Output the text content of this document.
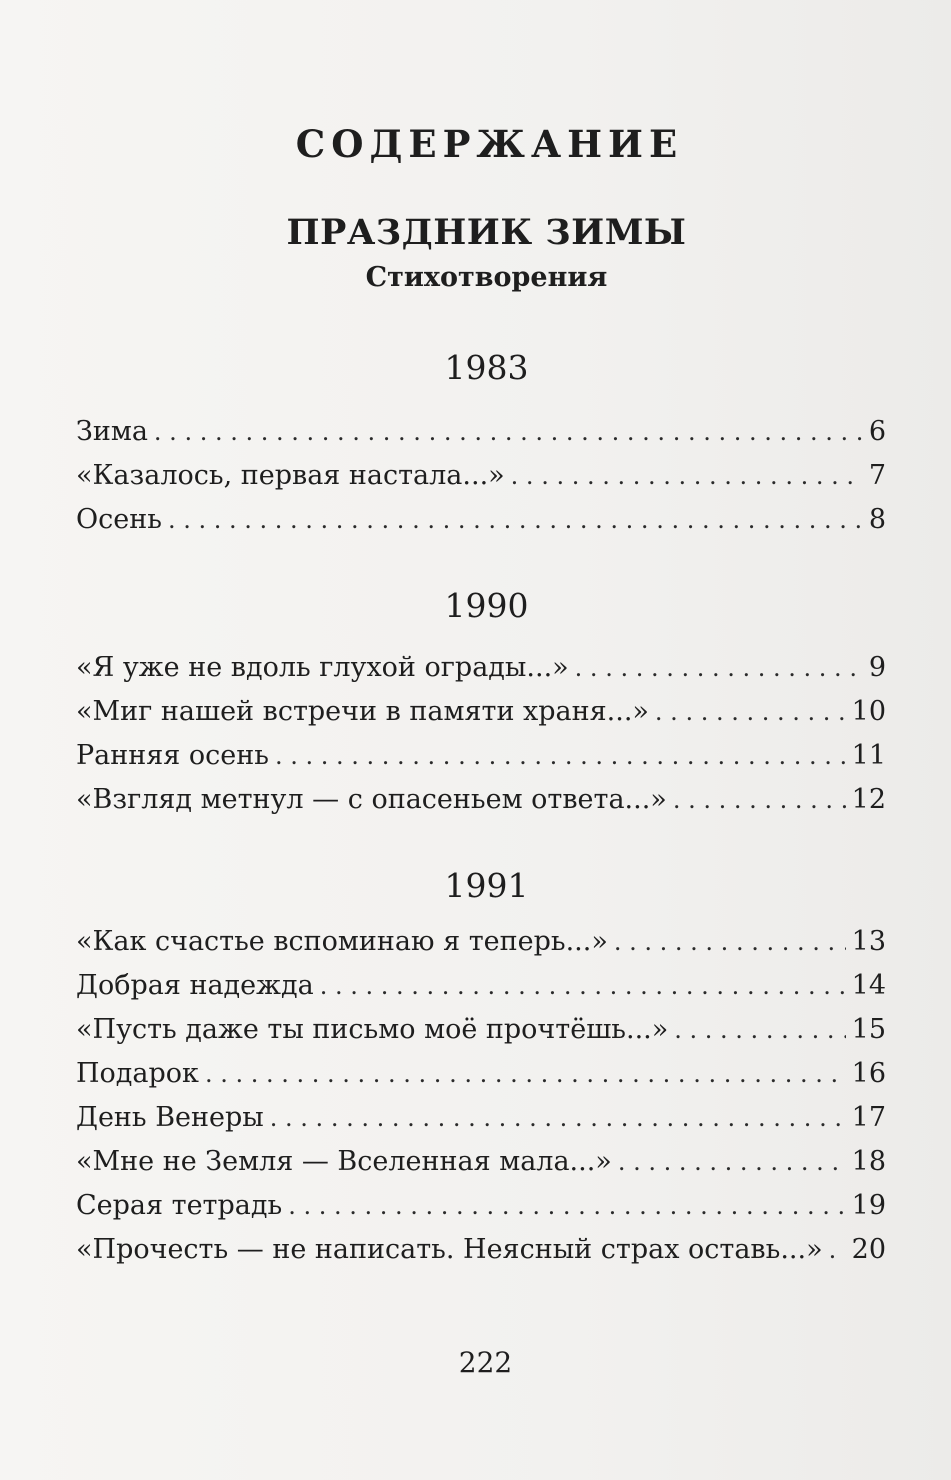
СОДЕРЖАНИЕ
ПРАЗДНИК ЗИМЫ
Стихотворения
1983
Зима . . .	6
«Казалось, первая настала...» . . .	7
Осень . . .	8
1990
«Я уже не вдоль глухой ограды...» . . .	9
«Миг нашей встречи в памяти храня...» . . .	10
Ранняя осень . . .	11
«Взгляд метнул — с опасеньем ответа...» . . .	12
1991
«Как счастье вспоминаю я теперь...» . . .	13
Добрая надежда . . .	14
«Пусть даже ты письмо моё прочтёшь...» . . .	15
Подарок . . .	16
День Венеры . . .	17
«Мне не Земля — Вселенная мала...» . . .	18
Серая тетрадь . . .	19
«Прочесть — не написать. Неясный страх оставь...» . . . 20
222
